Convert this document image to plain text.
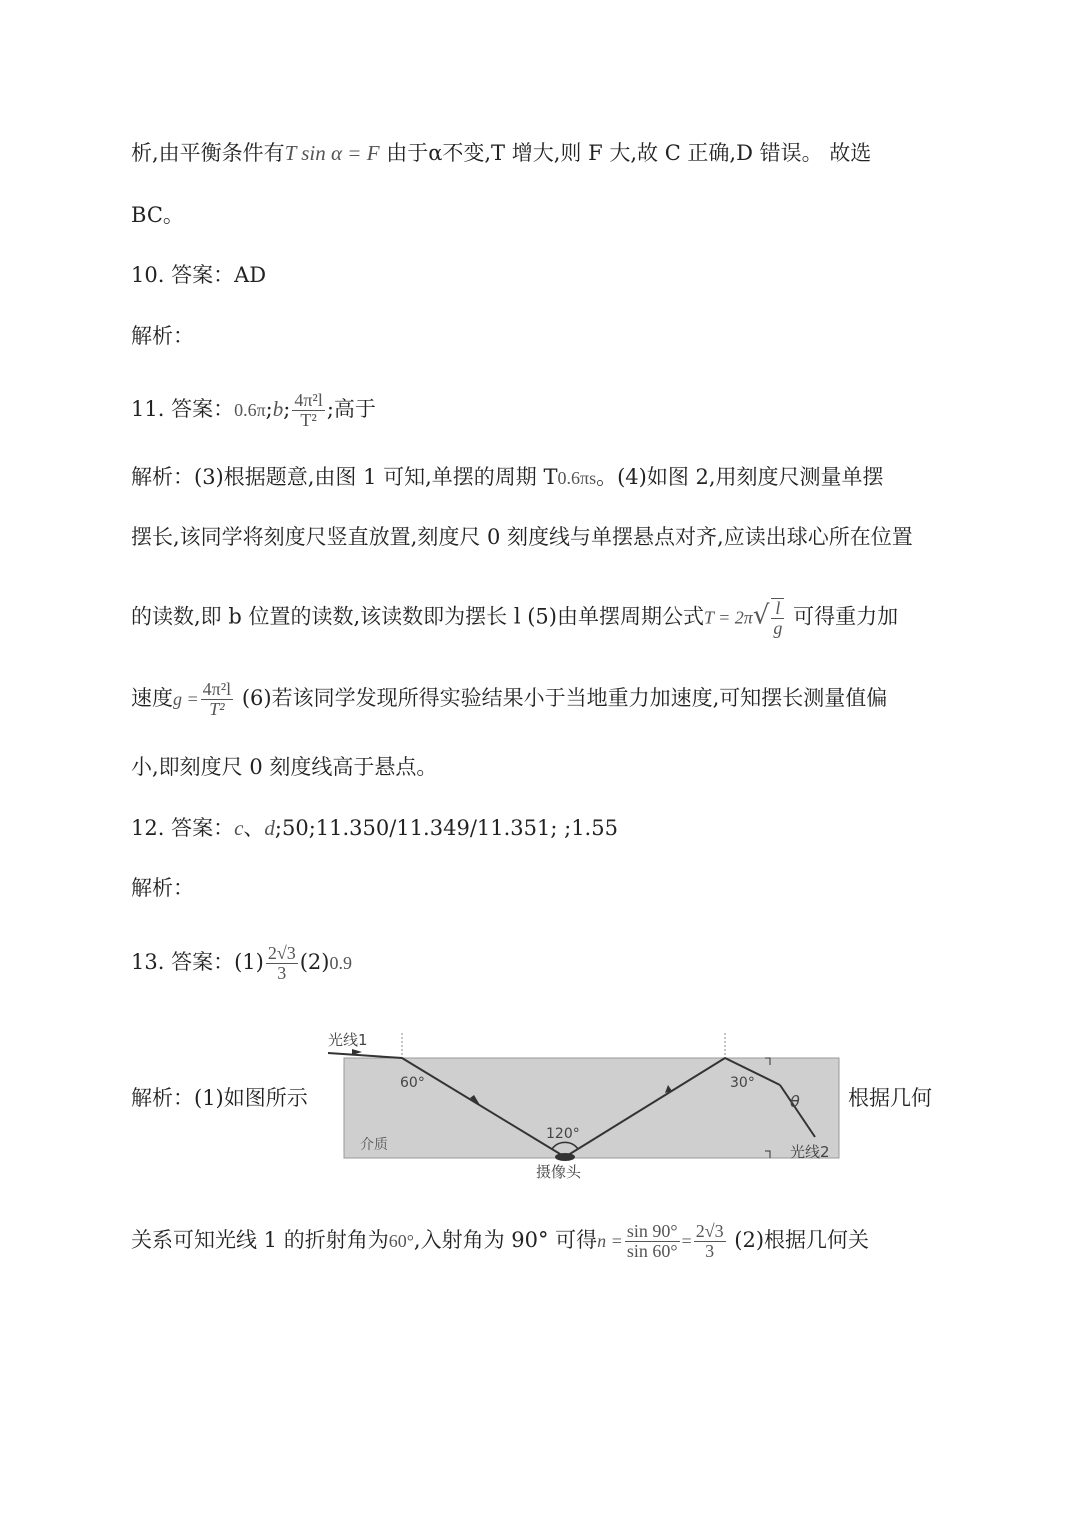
析,由平衡条件有T sin α = F 由于α不变,T 增大,则 F 大,故 C 正确,D 错误。 故选
BC。
10. 答案：AD
解析：
11. 答案：0.6π;b; $\frac{\text{4π²l}}{\text{T²}}$ ;高于
解析：(3)根据题意,由图 1 可知,单摆的周期 T0.6πs。(4)如图 2,用刻度尺测量单摆
摆长,该同学将刻度尺竖直放置,刻度尺 0 刻度线与单摆悬点对齐,应读出球心所在位置
的读数,即 b 位置的读数,该读数即为摆长 l (5)由单摆周期公式$T = 2\pi√ \frac{l}{g}$ 可得重力加
速度$g = \frac{\text{4π²l}}{\text{T²}} (6)$若该同学发现所得实验结果小于当地重力加速度,可知摆长测量值偏
小,即刻度尺 0 刻度线高于悬点。
12. 答案：c、d;50;11.350/11.349/11.351; ;1.55
解析：
13. 答案：$(1) \frac{2√3}{3} (2)0.9$
解析：(1)如图所示	根据几何
光线1
60°
120°
30°
θ
介质
摄像头
光线2
关系可知光线 1 的折射角为60°,入射角为 90° 可得$n = \frac{\sin 90^\circ}{\sin 60^\circ} = \frac{2√3}{3} (2)$根据几何关
